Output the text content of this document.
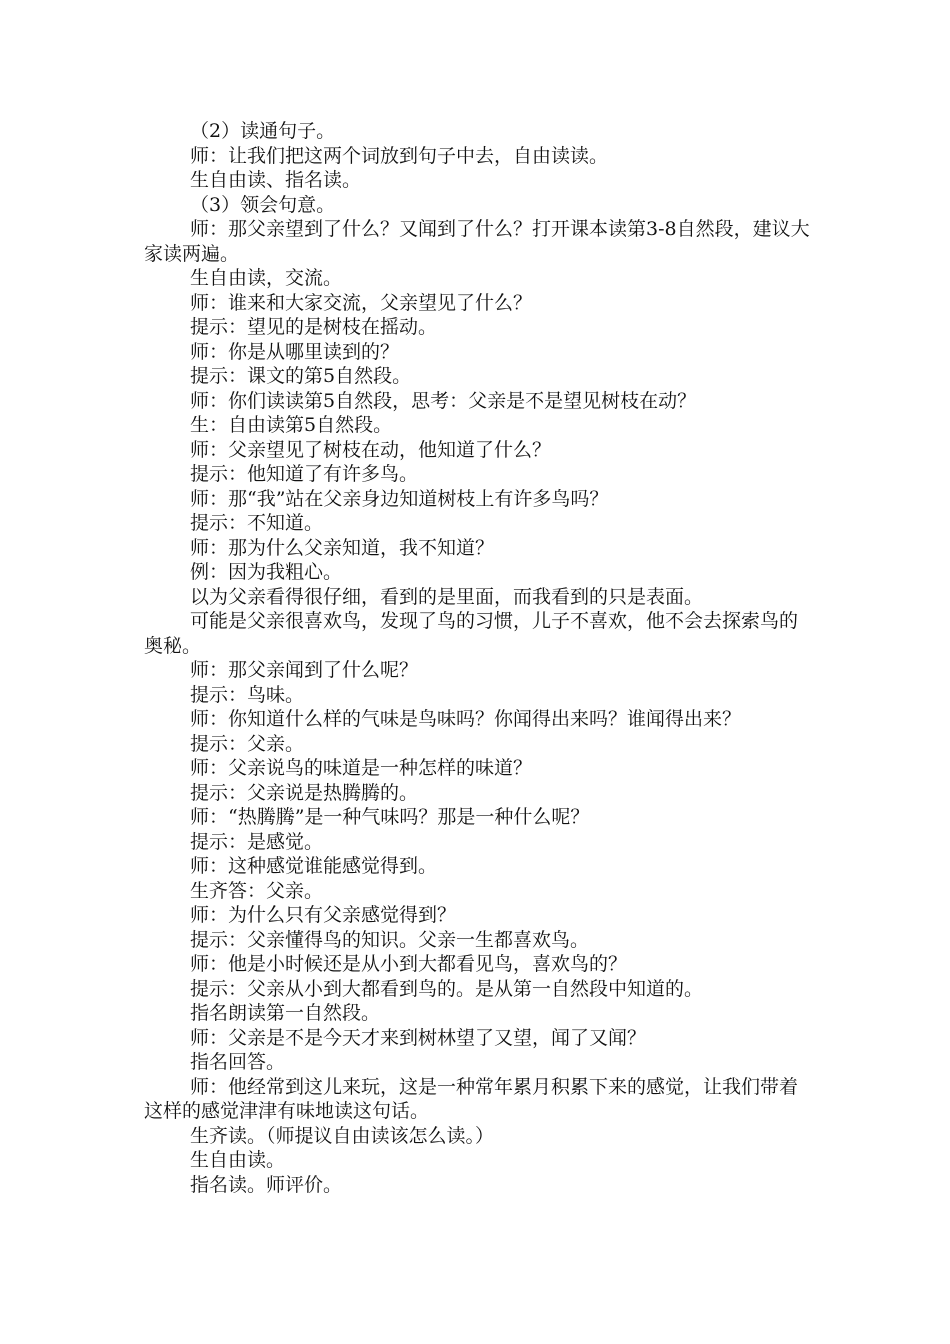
（2）读通句子。

师：让我们把这两个词放到句子中去，自由读读。

生自由读、指名读。

（3）领会句意。

师：那父亲望到了什么？又闻到了什么？打开课本读第3-8自然段，建议大家读两遍。

生自由读，交流。

师：谁来和大家交流，父亲望见了什么？

提示：望见的是树枝在摇动。

师：你是从哪里读到的？

提示：课文的第5自然段。

师：你们读读第5自然段，思考：父亲是不是望见树枝在动？

生：自由读第5自然段。

师：父亲望见了树枝在动，他知道了什么？

提示：他知道了有许多鸟。

师：那“我”站在父亲身边知道树枝上有许多鸟吗？

提示：不知道。

师：那为什么父亲知道，我不知道？

例：因为我粗心。

以为父亲看得很仔细，看到的是里面，而我看到的只是表面。

可能是父亲很喜欢鸟，发现了鸟的习惯，儿子不喜欢，他不会去探索鸟的奥秘。

师：那父亲闻到了什么呢？

提示：鸟味。

师：你知道什么样的气味是鸟味吗？你闻得出来吗？谁闻得出来？

提示：父亲。

师：父亲说鸟的味道是一种怎样的味道？

提示：父亲说是热腾腾的。

师：“热腾腾”是一种气味吗？那是一种什么呢？

提示：是感觉。

师：这种感觉谁能感觉得到。

生齐答：父亲。

师：为什么只有父亲感觉得到？

提示：父亲懂得鸟的知识。父亲一生都喜欢鸟。

师：他是小时候还是从小到大都看见鸟，喜欢鸟的？

提示：父亲从小到大都看到鸟的。是从第一自然段中知道的。

指名朗读第一自然段。

师：父亲是不是今天才来到树林望了又望，闻了又闻？

指名回答。

师：他经常到这儿来玩，这是一种常年累月积累下来的感觉，让我们带着这样的感觉津津有味地读这句话。

生齐读。（师提议自由读该怎么读。）

生自由读。

指名读。师评价。
